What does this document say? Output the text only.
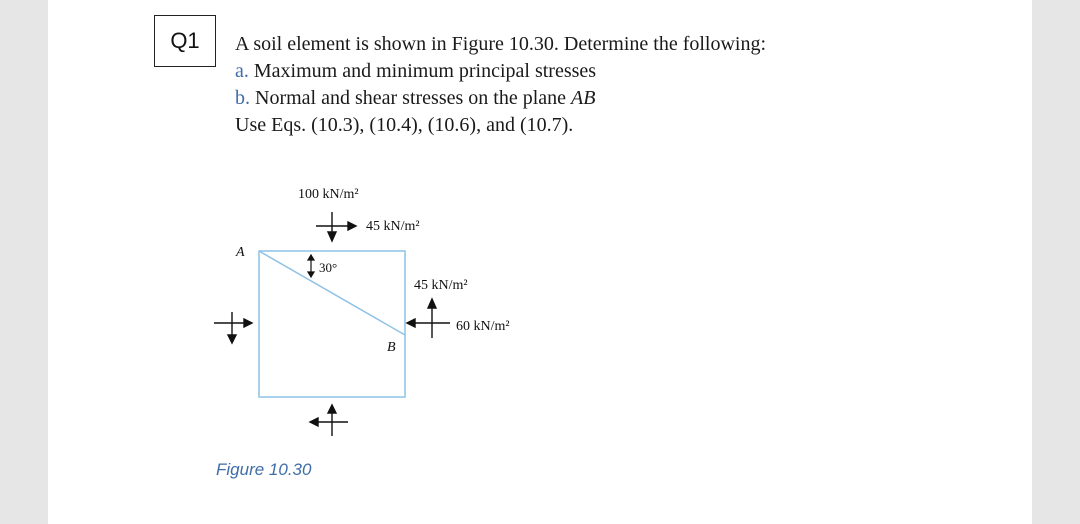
Q1 A soil element is shown in Figure 10.30. Determine the following:
a. Maximum and minimum principal stresses
b. Normal and shear stresses on the plane AB
Use Eqs. (10.3), (10.4), (10.6), and (10.7).
100 kN/m²
45 kN/m²
30°
A
B
45 kN/m²
60 kN/m²
Figure 10.30
